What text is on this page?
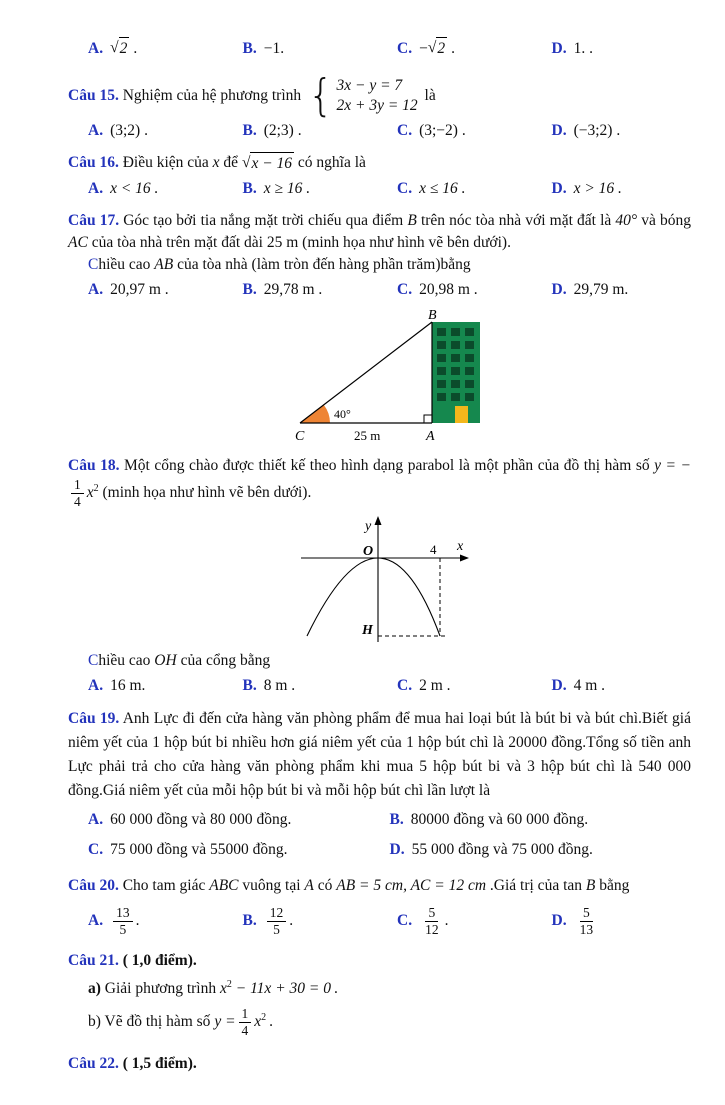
A. √ 2 .	B. −1.	C. − √ 2 .	D. 1. .

Câu 15. Nghiệm của hệ phương trình { 3x − y = 7
2x + 3y = 12
là

A. (3;2) .	B. (2;3) .	C. (3;−2) .	D. (−3;2) .

Câu 16. Điều kiện của x để √ x − 16 có nghĩa là

A. x < 16 .	B. x ≥ 16 .	C. x ≤ 16 .	D. x > 16 .

Câu 17. Góc tạo bởi tia nắng mặt trời chiếu qua điểm B trên nóc tòa nhà với mặt đất là 40° và bóng AC của tòa nhà trên mặt đất dài 25 m (minh họa như hình vẽ bên dưới).

Chiều cao AB của tòa nhà (làm tròn đến hàng phần trăm)bằng

A. 20,97 m .	B. 29,78 m .	C. 20,98 m .	D. 29,79 m.
40°
25 m
C	A
B

Câu 18. Một cổng chào được thiết kế theo hình dạng parabol là một phần của đồ thị hàm số y = −
$\frac{1}{4} x^2$ (minh họa như hình vẽ bên dưới).

y
x
O	4
H

Chiều cao OH của cổng bằng

A. 16 m.	B. 8 m .	C. 2 m .	D. 4 m .

Câu 19. Anh Lực đi đến cửa hàng văn phòng phẩm để mua hai loại bút là bút bi và bút chì.Biết giá niêm yết của 1 hộp bút bi nhiều hơn giá niêm yết của 1 hộp bút chì là 20000 đồng.Tổng số tiền anh Lực phải trả cho cửa hàng văn phòng phẩm khi mua 5 hộp bút bi và 3 hộp bút chì là 540 000 đồng.Giá niêm yết của mỗi hộp bút bi và mỗi hộp bút chì lần lượt là

A. 60 000 đồng và 80 000 đồng.	B. 80000 đồng và 60 000 đồng.
C. 75 000 đồng và 55000 đồng.	D. 55 000 đồng và 75 000 đồng.

Câu 20. Cho tam giác ABC vuông tại A có AB = 5 cm, AC = 12 cm .Giá trị của tan B bằng

A. $\frac{13}{5}$ .	B. $\frac{12}{5}$ .	C. $\frac{5}{12}$ .	D. $\frac{5}{13}$

Câu 21. ( 1,0 điểm).

a) Giải phương trình $x^2 - 11x + 30 = 0$ .

b) Vẽ đồ thị hàm số $y = \frac{1}{4} x^2$ .

Câu 22. ( 1,5 điểm).
